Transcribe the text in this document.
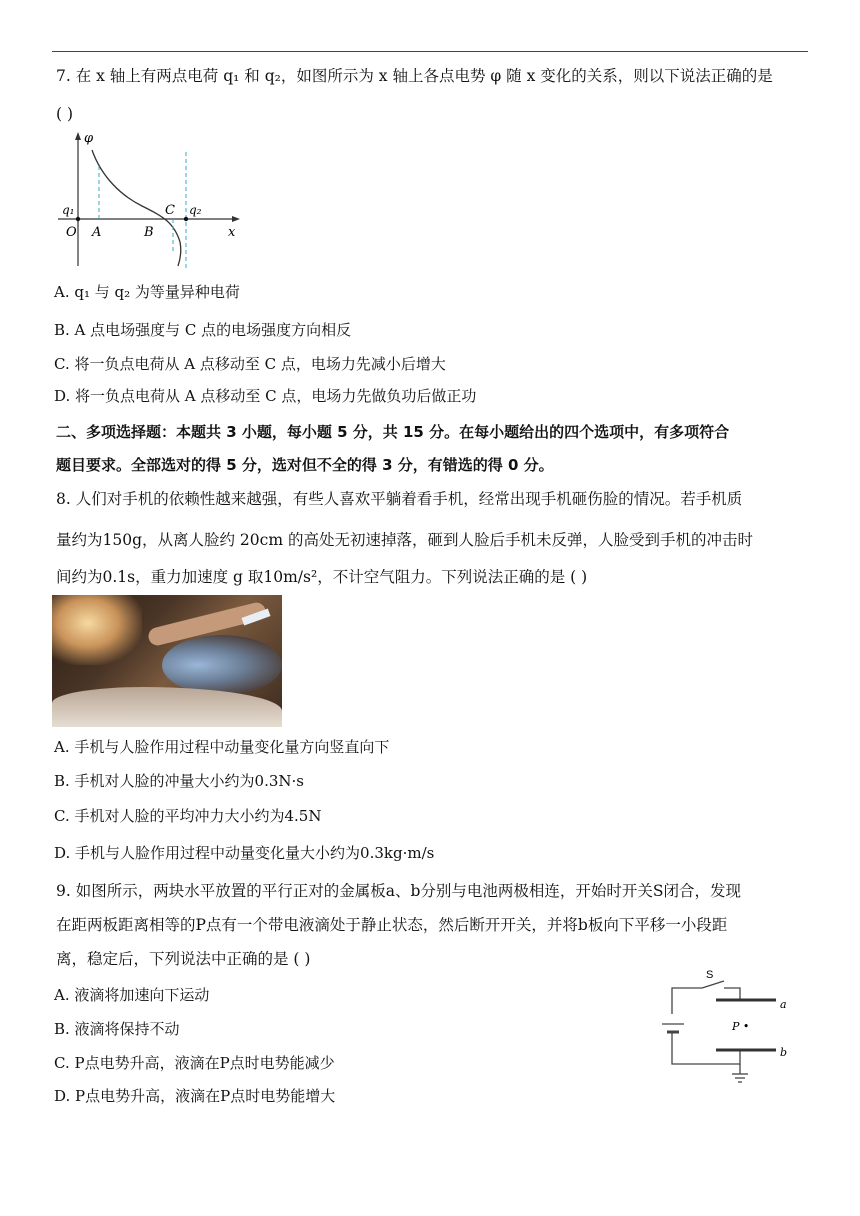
7. 在 x 轴上有两点电荷 q₁ 和 q₂，如图所示为 x 轴上各点电势 φ 随 x 变化的关系，则以下说法正确的是
( )
φ
q₁
O A	B
C q₂
x
A. q₁ 与 q₂ 为等量异种电荷
B. A 点电场强度与 C 点的电场强度方向相反
C. 将一负点电荷从 A 点移动至 C 点，电场力先减小后增大
D. 将一负点电荷从 A 点移动至 C 点，电场力先做负功后做正功
二、多项选择题：本题共 3 小题，每小题 5 分，共 15 分。在每小题给出的四个选项中，有多项符合
题目要求。全部选对的得 5 分，选对但不全的得 3 分，有错选的得 0 分。
8. 人们对手机的依赖性越来越强，有些人喜欢平躺着看手机，经常出现手机砸伤脸的情况。若手机质
量约为150g，从离人脸约 20cm 的高处无初速掉落，砸到人脸后手机未反弹，人脸受到手机的冲击时
间约为0.1s，重力加速度 g 取10m/s²，不计空气阻力。下列说法正确的是 ( )
A. 手机与人脸作用过程中动量变化量方向竖直向下
B. 手机对人脸的冲量大小约为0.3N·s
C. 手机对人脸的平均冲力大小约为4.5N
D. 手机与人脸作用过程中动量变化量大小约为0.3kg·m/s
9. 如图所示，两块水平放置的平行正对的金属板a、b分别与电池两极相连，开始时开关S闭合，发现
在距两板距离相等的P点有一个带电液滴处于静止状态，然后断开开关，并将b板向下平移一小段距
离，稳定后，下列说法中正确的是 ( )
S
a
P •
b
A. 液滴将加速向下运动
B. 液滴将保持不动
C. P点电势升高，液滴在P点时电势能减少
D. P点电势升高，液滴在P点时电势能增大
